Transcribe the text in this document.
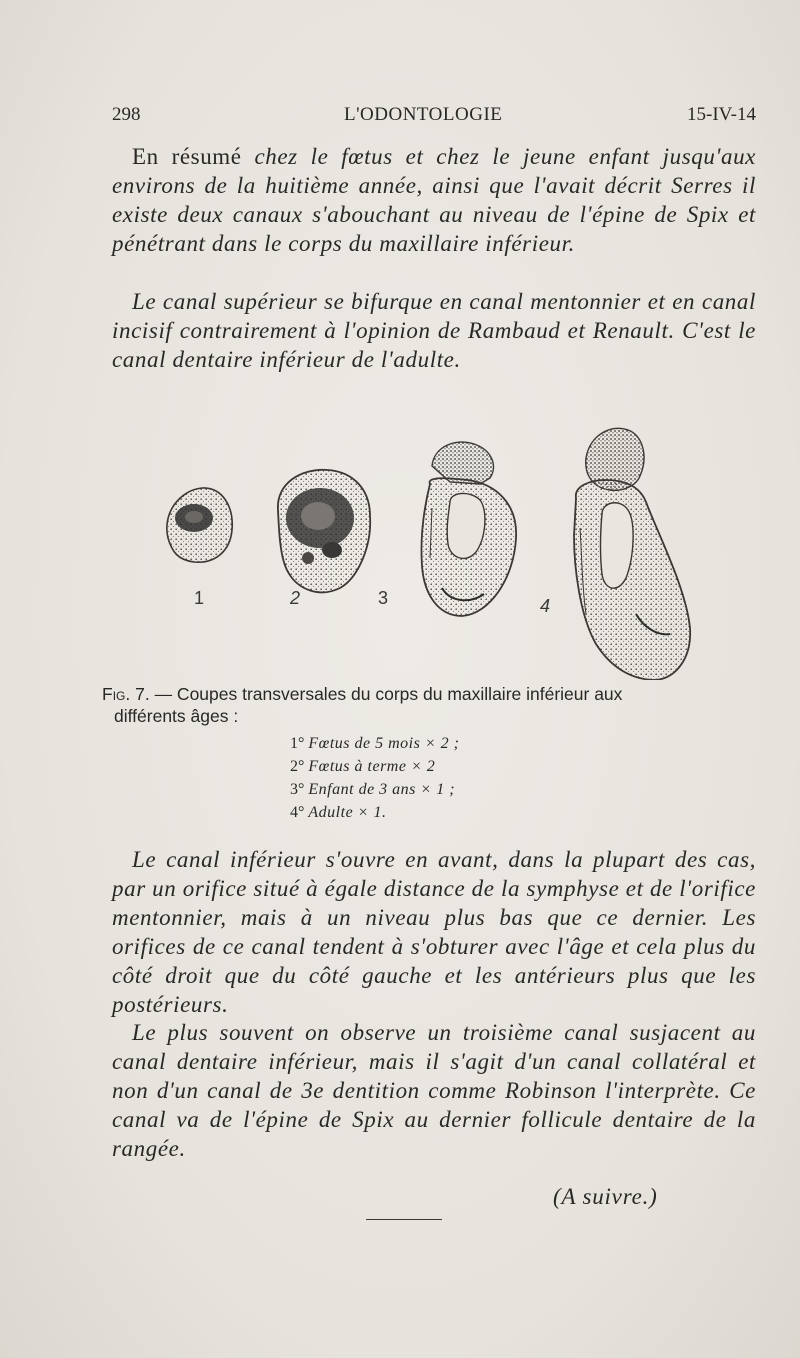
298	L'ODONTOLOGIE	15-IV-14

En résumé chez le fœtus et chez le jeune enfant jusqu'aux environs de la huitième année, ainsi que l'avait décrit Serres il existe deux canaux s'abouchant au niveau de l'épine de Spix et pénétrant dans le corps du maxillaire inférieur.

Le canal supérieur se bifurque en canal mentonnier et en canal incisif contrairement à l'opinion de Rambaud et Renault. C'est le canal dentaire inférieur de l'adulte.

1	2	3	4
Fig. 7. — Coupes transversales du corps du maxillaire inférieur aux
différents âges :
1° Fœtus de 5 mois × 2 ;
2° Fœtus à terme × 2
3° Enfant de 3 ans × 1 ;
4° Adulte × 1.

Le canal inférieur s'ouvre en avant, dans la plupart des cas, par un orifice situé à égale distance de la symphyse et de l'orifice mentonnier, mais à un niveau plus bas que ce dernier. Les orifices de ce canal tendent à s'obturer avec l'âge et cela plus du côté droit que du côté gauche et les antérieurs plus que les postérieurs.

Le plus souvent on observe un troisième canal susjacent au canal dentaire inférieur, mais il s'agit d'un canal collatéral et non d'un canal de 3e dentition comme Robinson l'interprète. Ce canal va de l'épine de Spix au dernier follicule dentaire de la rangée.

(A suivre.)
